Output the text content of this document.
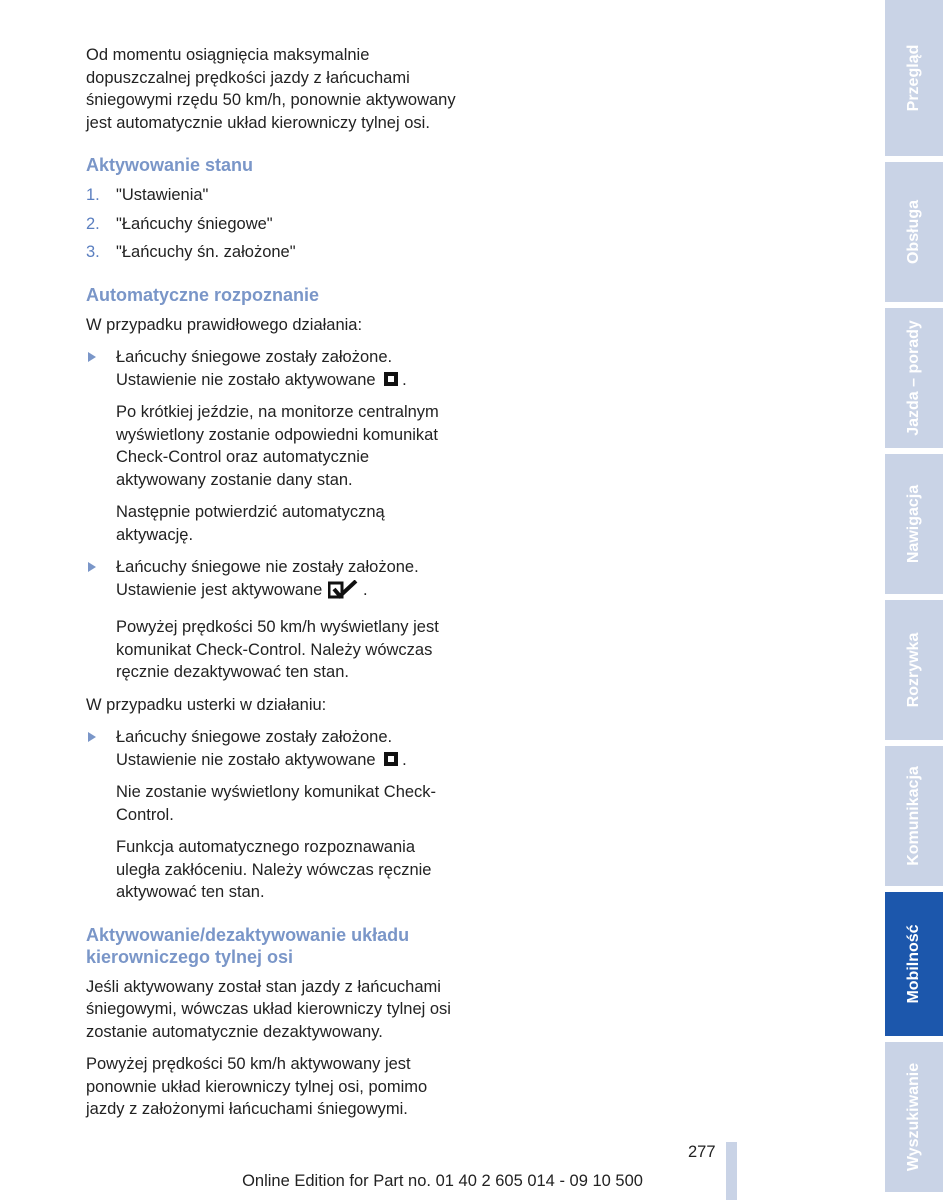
Od momentu osiągnięcia maksymalnie dopuszczalnej prędkości jazdy z łańcuchami śniegowymi rzędu 50 km/h, ponownie aktywowany jest automatycznie układ kierowniczy tylnej osi.

Aktywowanie stanu
1. "Ustawienia"
2. "Łańcuchy śniegowe"
3. "Łańcuchy śn. założone"
Automatyczne rozpoznanie

W przypadku prawidłowego działania:

Łańcuchy śniegowe zostały założone. Ustawienie nie zostało aktywowane .

Po krótkiej jeździe, na monitorze centralnym wyświetlony zostanie odpowiedni komunikat Check-Control oraz automatycznie aktywowany zostanie dany stan.

Następnie potwierdzić automatyczną aktywację.

Łańcuchy śniegowe nie zostały założone. Ustawienie jest aktywowane .

Powyżej prędkości 50 km/h wyświetlany jest komunikat Check-Control. Należy wówczas ręcznie dezaktywować ten stan.

W przypadku usterki w działaniu:

Łańcuchy śniegowe zostały założone. Ustawienie nie zostało aktywowane .

Nie zostanie wyświetlony komunikat Check-Control.

Funkcja automatycznego rozpoznawania uległa zakłóceniu. Należy wówczas ręcznie aktywować ten stan.

Aktywowanie/dezaktywowanie układu kierowniczego tylnej osi

Jeśli aktywowany został stan jazdy z łańcuchami śniegowymi, wówczas układ kierowniczy tylnej osi zostanie automatycznie dezaktywowany.

Powyżej prędkości 50 km/h aktywowany jest ponownie układ kierowniczy tylnej osi, pomimo jazdy z założonymi łańcuchami śniegowymi.

Przegląd
Obsługa
Jazda – porady
Nawigacja
Rozrywka
Komunikacja
Mobilność
Wyszukiwanie
277
Online Edition for Part no. 01 40 2 605 014 - 09 10 500
